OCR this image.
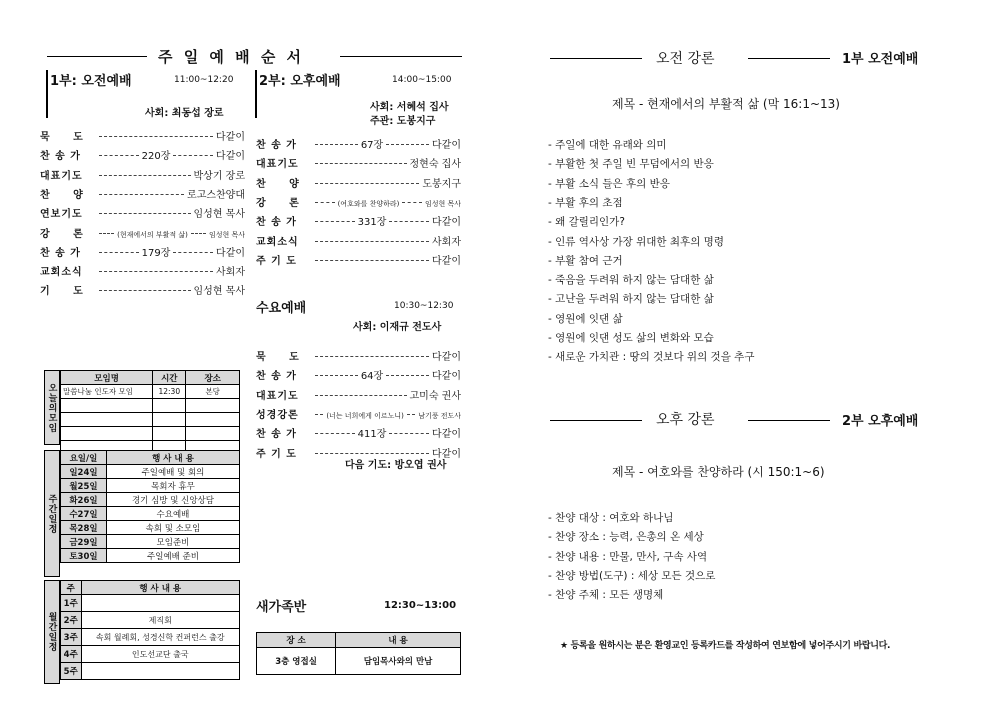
주 일 예 배 순 서
1부: 오전예배	11:00~12:20
사회: 최동섭 장로
묵     도	다같이
찬 송 가	220장	다같이
대표기도	박상기 장로
찬     양	로고스찬양대
연보기도	임성현 목사
강     론	(현재에서의 부활적 삶)	임성현 목사
찬 송 가	179장	다같이
교회소식	사회자
기     도	임성현 목사
오늘의모임
모임명	시간	장소
말씀나눔 인도자 모임	12:30	본당

주간일정
요일/일	행 사 내 용
일24일	주일예배 및 회의
월25일	목회자 휴무
화26일	경기 심방 및 신앙상담
수27일	수요예배
목28일	속회 및 소모임
금29일	모임준비
토30일	주일예배 준비
월간일정
주	행 사 내 용
1주	
2주	제직회
3주	속회 월례회, 성경신학 컨퍼런스 출강
4주	인도선교단 출국
5주	
2부: 오후예배	14:00~15:00
사회: 서혜석 집사
주관: 도봉지구
찬 송 가	67장	다같이
대표기도	정현숙 집사
찬     양	도봉지구
강     론	(여호와를 찬양하라)	임성현 목사
찬 송 가	331장	다같이
교회소식	사회자
주 기 도	다같이
수요예배	10:30~12:30
사회: 이재규 전도사
묵     도	다같이
찬 송 가	64장	다같이
대표기도	고미숙 권사
성경강론	(너는 너희에게 이르노니) 남기풍 전도사
찬 송 가	411장	다같이
주 기 도	다같이
다음 기도: 방오엽 권사
새가족반	12:30~13:00
장 소	내 용
3층 영접실	담임목사와의 만남
오전 강론	1부 오전예배
제목 - 현재에서의 부활적 삶 (막 16:1~13)
- 주일에 대한 유래와 의미
- 부활한 첫 주일 빈 무덤에서의 반응
- 부활 소식 들은 후의 반응
- 부활 후의 초점
- 왜 갈릴리인가?
- 인류 역사상 가장 위대한 최후의 명령
- 부활 참여 근거
- 죽음을 두려워 하지 않는 담대한 삶
- 고난을 두려워 하지 않는 담대한 삶
- 영원에 잇댄 삶
- 영원에 잇댄 성도 삶의 변화와 모습
- 새로운 가치관 : 땅의 것보다 위의 것을 추구
오후 강론	2부 오후예배
제목 - 여호와를 찬양하라 (시 150:1~6)
- 찬양 대상 : 여호와 하나님
- 찬양 장소 : 능력, 은총의 온 세상
- 찬양 내용 : 만물, 만사, 구속 사역
- 찬양 방법(도구) : 세상 모든 것으로
- 찬양 주체 : 모든 생명체
★ 등록을 원하시는 분은 환영교인 등록카드를 작성하여 연보함에 넣어주시기 바랍니다.
